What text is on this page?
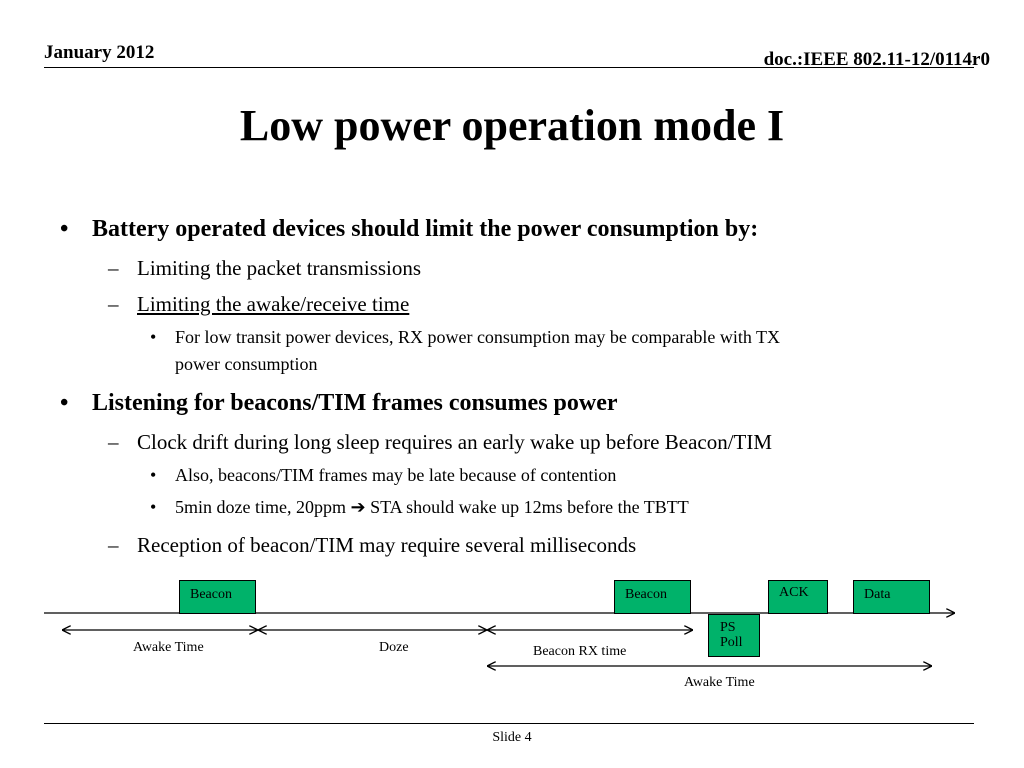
January 2012	doc.:IEEE 802.11-12/0114r0
Low power operation mode I
• Battery operated devices should limit the power consumption by:
– Limiting the packet transmissions
– Limiting the awake/receive time
• For low transit power devices, RX power consumption may be comparable with TX
power consumption
• Listening for beacons/TIM frames consumes power
– Clock drift during long sleep requires an early wake up before Beacon/TIM
• Also, beacons/TIM frames may be late because of contention
• 5min doze time, 20ppm ➔ STA should wake up 12ms before the TBTT
– Reception of beacon/TIM may require several milliseconds
Beacon	Beacon
PS
Poll
ACK	Data
Awake Time	Doze	Beacon RX time
Awake Time
Slide 4
